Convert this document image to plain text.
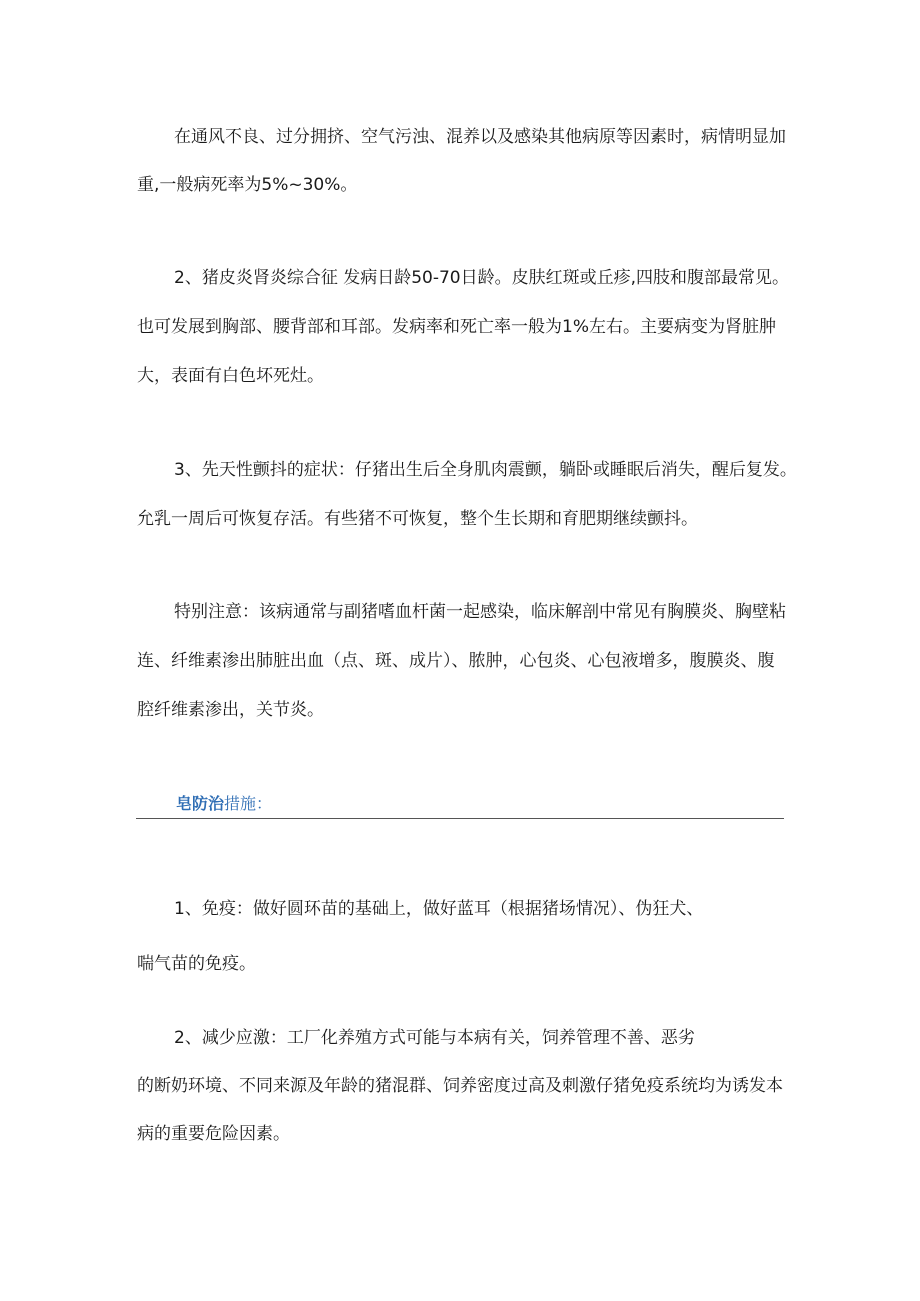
在通风不良、过分拥挤、空气污浊、混养以及感染其他病原等因素时，病情明显加
重,一般病死率为5%~30%。
2、猪皮炎肾炎综合征 发病日龄50-70日龄。皮肤红斑或丘疹,四肢和腹部最常见。
也可发展到胸部、腰背部和耳部。发病率和死亡率一般为1%左右。主要病变为肾脏肿
大，表面有白色坏死灶。
3、先天性颤抖的症状：仔猪出生后全身肌肉震颤，躺卧或睡眠后消失，醒后复发。
允乳一周后可恢复存活。有些猪不可恢复，整个生长期和育肥期继续颤抖。
特别注意：该病通常与副猪嗜血杆菌一起感染，临床解剖中常见有胸膜炎、胸壁粘
连、纤维素渗出肺脏出血（点、斑、成片）、脓肿，心包炎、心包液增多，腹膜炎、腹
腔纤维素渗出，关节炎。
皂防治措施：
1、免疫：做好圆环苗的基础上，做好蓝耳（根据猪场情况）、伪狂犬、
喘气苗的免疫。
2、减少应激：工厂化养殖方式可能与本病有关，饲养管理不善、恶劣
的断奶环境、不同来源及年龄的猪混群、饲养密度过高及刺激仔猪免疫系统均为诱发本
病的重要危险因素。
